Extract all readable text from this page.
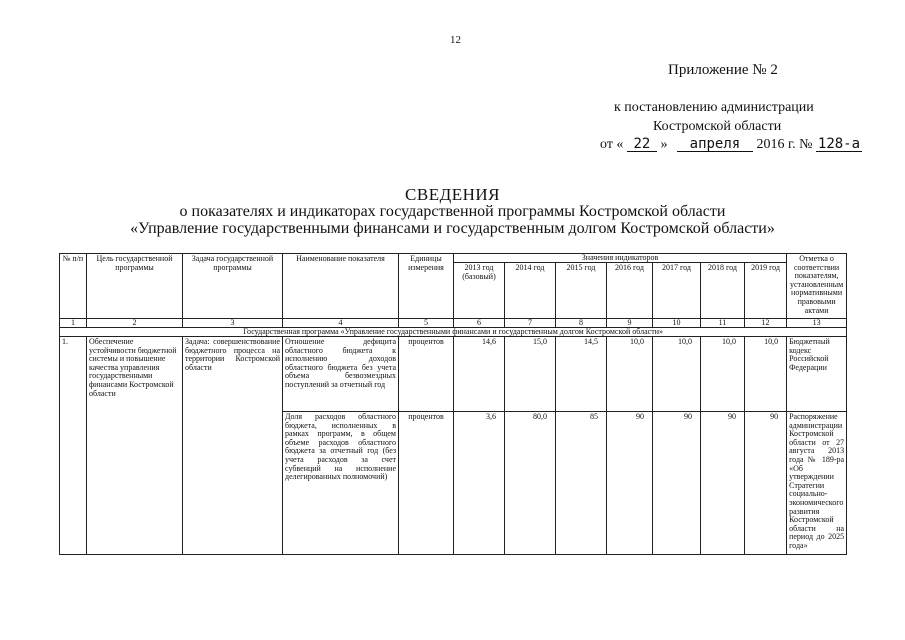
12
Приложение № 2
к постановлению администрации
Костромской области
от « 22 » апреля 2016 г. № 128-а
СВЕДЕНИЯ
о показателях и индикаторах государственной программы Костромской области
«Управление государственными финансами и государственным долгом Костромской области»
№ п/п	Цель государственной программы	Задача государственной программы	Наименование показателя	Единицы измерения	Значения индикаторов							Отметка о соответствии показателям, установленным нормативными правовыми актами
					2013 год (базовый)	2014 год	2015 год	2016 год	2017 год	2018 год	2019 год	
1	2	3	4	5	6	7	8	9	10	11	12	13
Государственная программа «Управление государственными финансами и государственным долгом Костромской области»												
1.	Обеспечение устойчивости бюджетной системы и повышение качества управления государственными финансами Костромской области	Задача: совершенствование бюджетного процесса на территории Костромской области	Отношение дефицита областного бюджета к исполнению доходов областного бюджета без учета объема безвозмездных поступлений за отчетный год	процентов	14,6	15,0	14,5	10,0	10,0	10,0	10,0	Бюджетный кодекс Российской Федерации
			Доля расходов областного бюджета, исполненных в рамках программ, в общем объеме расходов областного бюджета за отчетный год (без учета расходов за счет субвенций на исполнение делегированных полномочий)	процентов	3,6	80,0	85	90	90	90	90	Распоряжение администрации Костромской области от 27 августа 2013 года № 189-ра «Об утверждении Стратегии социально-экономического развития Костромской области на период до 2025 года»
